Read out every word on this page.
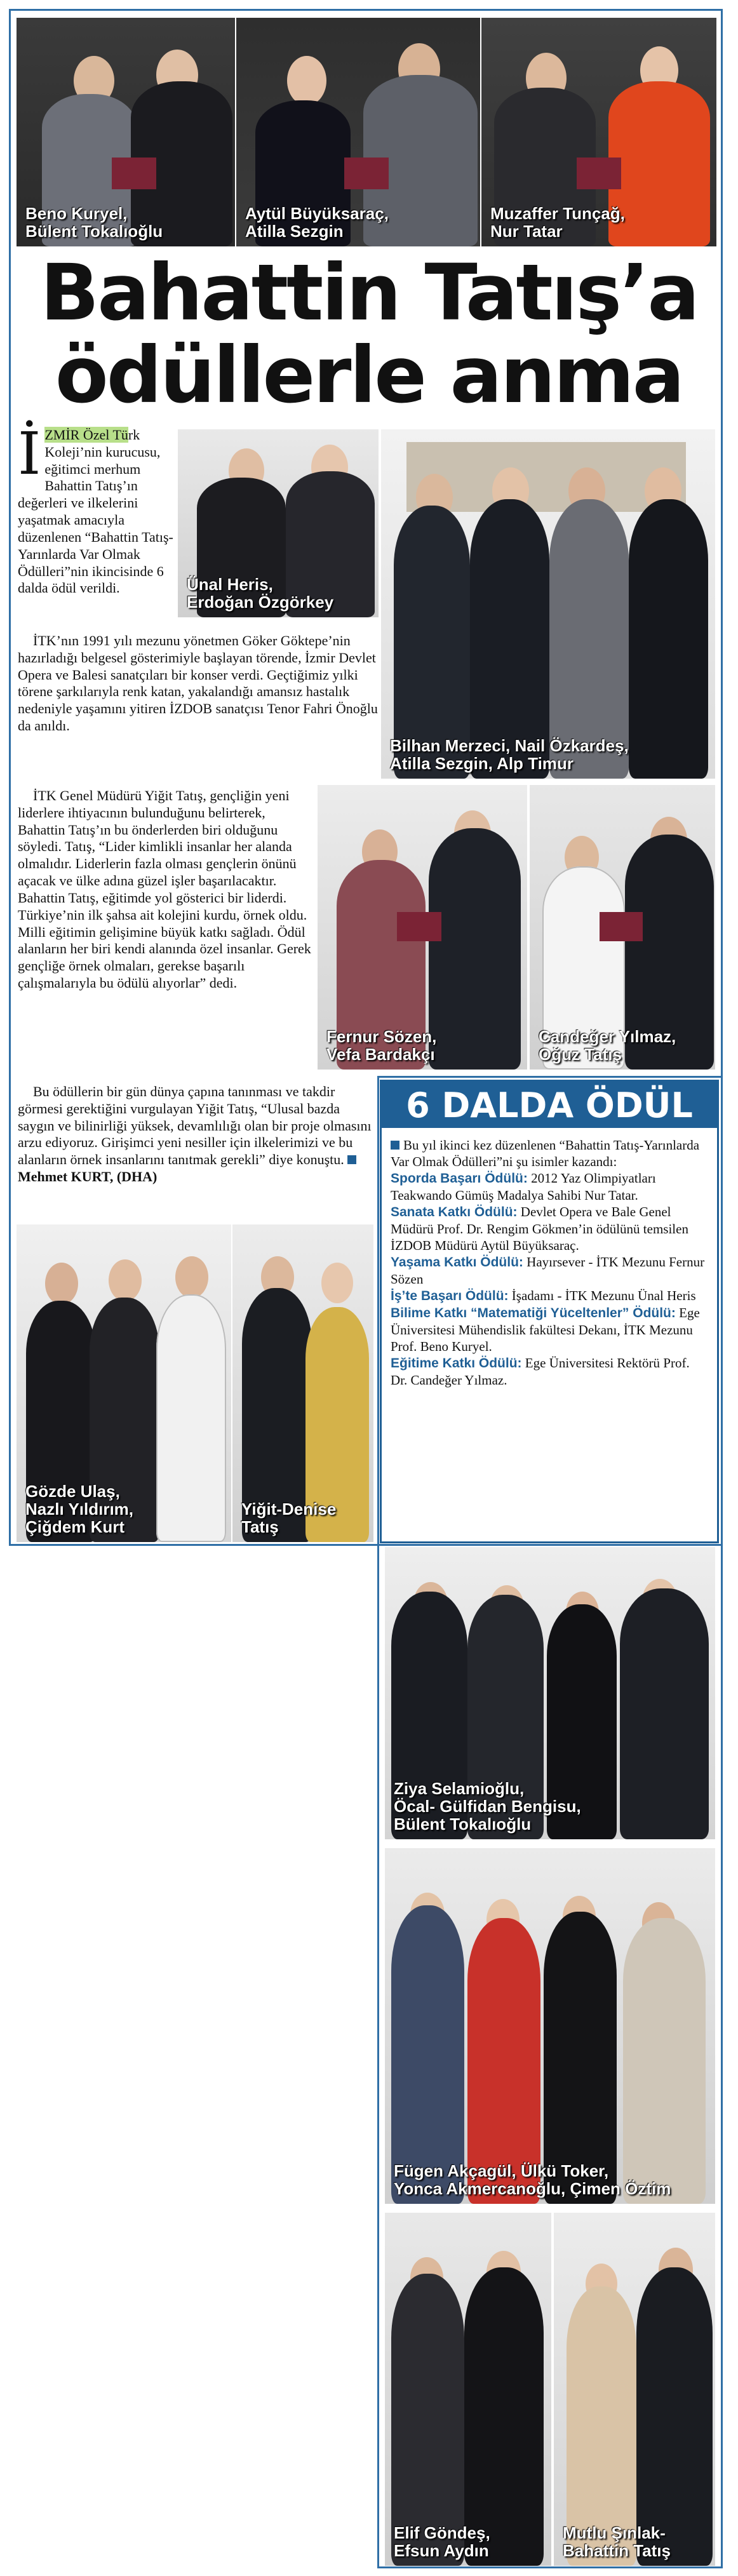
Beno Kuryel,
Bülent Tokalıoğlu
Aytül Büyüksaraç,
Atilla Sezgin
Muzaffer Tunçağ,
Nur Tatar
Bahattin Tatış’a
ödüllerle anma
İZMİR Özel Türk Koleji’nin kurucusu, eğitimci merhum Bahattin Tatış’ın değerleri ve ilkelerini yaşatmak amacıyla düzenlenen “Bahattin Tatış-Yarınlarda Var Olmak Ödülleri”nin ikincisinde 6 dalda ödül verildi.	Ünal Heris,
Erdoğan Özgörkey
Bilhan Merzeci, Nail Özkardeş,
Atilla Sezgin, Alp Timur

İTK’nın 1991 yılı mezunu yönetmen Göker Göktepe’nin hazırladığı belgesel gösterimiyle başlayan törende, İzmir Devlet Opera ve Balesi sanatçıları bir konser verdi. Geçtiğimiz yılki törene şarkılarıyla renk katan, yakalandığı amansız hastalık nedeniyle yaşamını yitiren İZDOB sanatçısı Tenor Fahri Önoğlu da anıldı.

İTK Genel Müdürü Yiğit Tatış, gençliğin yeni liderlere ihtiyacının bulunduğunu belirterek, Bahattin Tatış’ın bu önderlerden biri olduğunu söyledi. Tatış, “Lider kimlikli insanlar her alanda olmalıdır. Liderlerin fazla olması gençlerin önünü açacak ve ülke adına güzel işler başarılacaktır. Bahattin Tatış, eğitimde yol gösterici bir liderdi. Türkiye’nin ilk şahsa ait kolejini kurdu, örnek oldu. Milli eğitimin gelişimine büyük katkı sağladı. Ödül alanların her biri kendi alanında özel insanlar. Gerek gençliğe örnek olmaları, gerekse başarılı çalışmalarıyla bu ödülü alıyorlar” dedi.

Fernur Sözen,
Vefa Bardakçı
Candeğer Yılmaz,
Oğuz Tatış

Bu ödüllerin bir gün dünya çapına tanınması ve takdir görmesi gerektiğini vurgulayan Yiğit Tatış, “Ulusal bazda saygın ve bilinirliği yüksek, devamlılığı olan bir proje olmasını arzu ediyoruz. Girişimci yeni nesiller için ilkelerimizi ve bu alanların örnek insanlarını tanıtmak gerekli” diye konuştu. Mehmet KURT, (DHA)

Gözde Ulaş,
Nazlı Yıldırım,
Çiğdem Kurt
Yiğit-Denise
Tatış
6 DALDA ÖDÜL

Bu yıl ikinci kez düzenlenen “Bahattin Tatış-Yarınlarda Var Olmak Ödülleri”ni şu isimler kazandı:

Sporda Başarı Ödülü: 2012 Yaz Olimpiyatları Teakwando Gümüş Madalya Sahibi Nur Tatar.

Sanata Katkı Ödülü: Devlet Opera ve Bale Genel Müdürü Prof. Dr. Rengim Gökmen’in ödülünü temsilen İZDOB Müdürü Aytül Büyüksaraç.

Yaşama Katkı Ödülü: Hayırsever - İTK Mezunu Fernur Sözen

İş’te Başarı Ödülü: İşadamı - İTK Mezunu Ünal Heris

Bilime Katkı “Matematiği Yüceltenler” Ödülü: Ege Üniversitesi Mühendislik fakültesi Dekanı, İTK Mezunu Prof. Beno Kuryel.

Eğitime Katkı Ödülü: Ege Üniversitesi Rektörü Prof. Dr. Candeğer Yılmaz.

Ziya Selamioğlu,
Öcal- Gülfidan Bengisu,
Bülent Tokalıoğlu
Fügen Akçagül, Ülkü Toker,
Yonca Akmercanoğlu, Çimen Öztim
Elif Göndeş,
Efsun Aydın
Mutlu Şınlak-
Bahattin Tatış
